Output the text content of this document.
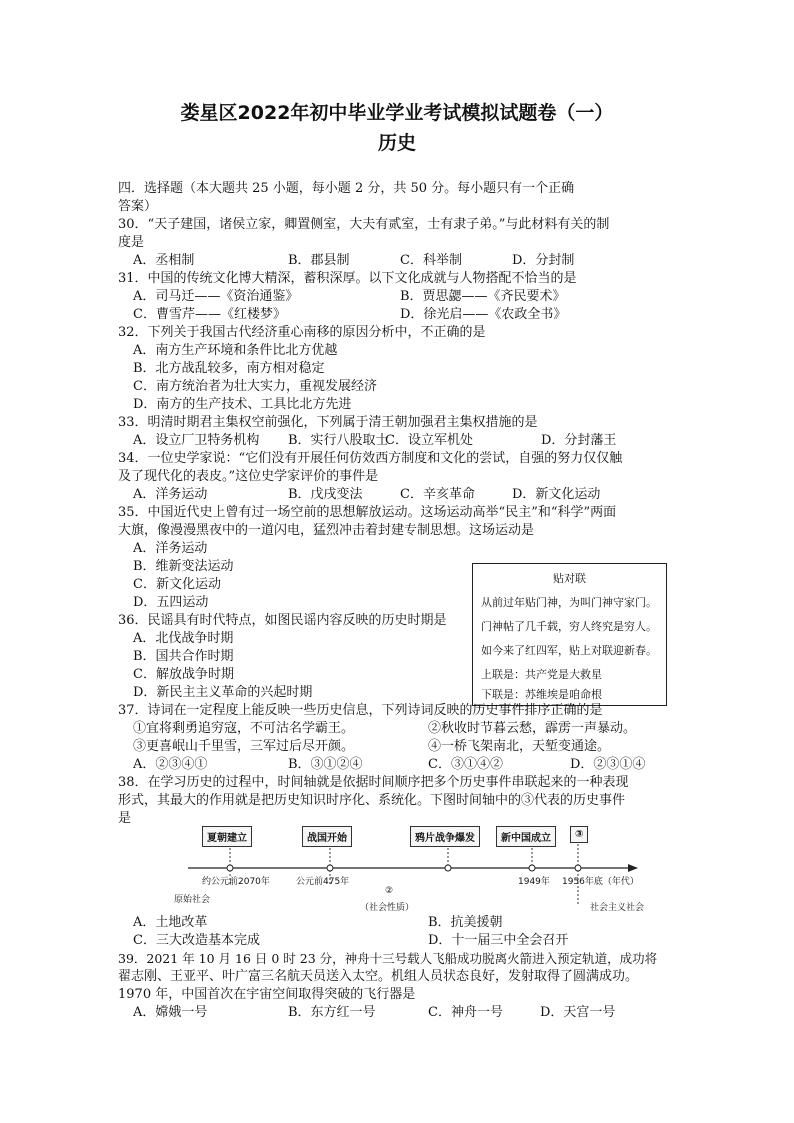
娄星区2022年初中毕业学业考试模拟试题卷（一）
历史
四．选择题（本大题共 25 小题，每小题 2 分，共 50 分。每小题只有一个正确
答案）
30．“天子建国，诸侯立家，卿置侧室，大夫有贰室，士有隶子弟。”与此材料有关的制
度是
A．丞相制	B．郡县制	C．科举制	D．分封制
31．中国的传统文化博大精深，蓄积深厚。以下文化成就与人物搭配不恰当的是
A．司马迁——《资治通鉴》	B．贾思勰——《齐民要术》
C．曹雪芹——《红楼梦》	D．徐光启——《农政全书》
32．下列关于我国古代经济重心南移的原因分析中，不正确的是
A．南方生产环境和条件比北方优越
B．北方战乱较多，南方相对稳定
C．南方统治者为壮大实力，重视发展经济
D．南方的生产技术、工具比北方先进
33．明清时期君主集权空前强化，下列属于清王朝加强君主集权措施的是
A．设立厂卫特务机构 B．实行八股取士
C．设立军机处	D．分封藩王
34．一位史学家说：“它们没有开展任何仿效西方制度和文化的尝试，自强的努力仅仅触
及了现代化的表皮。”这位史学家评价的事件是
A．洋务运动	B．戊戌变法	C．辛亥革命	D．新文化运动
35．中国近代史上曾有过一场空前的思想解放运动。这场运动高举“民主”和“科学”两面
大旗，像漫漫黑夜中的一道闪电，猛烈冲击着封建专制思想。这场运动是
A．洋务运动
B．维新变法运动
C．新文化运动
D．五四运动
贴对联
从前过年贴门神，为叫门神守家门。
门神帖了几千载，穷人终究是穷人。
如今来了红四军，贴上对联迎新春。
上联是：共产党是大救星
下联是：苏维埃是咱命根
36．民谣具有时代特点，如图民谣内容反映的历史时期是
A．北伐战争时期
B．国共合作时期
C．解放战争时期
D．新民主主义革命的兴起时期
37．诗词在一定程度上能反映一些历史信息，下列诗词反映的历史事件排序正确的是
①宜将剩勇追穷寇，不可沽名学霸王。	②秋收时节暮云愁，霹雳一声暴动。
③更喜岷山千里雪，三军过后尽开颜。	④一桥飞架南北，天堑变通途。
A．②③④①	B．③①②④	C．③①④②	D．②③①④
38．在学习历史的过程中，时间轴就是依据时间顺序把多个历史事件串联起来的一种表现
形式，其最大的作用就是把历史知识时序化、系统化。下图时间轴中的③代表的历史事件
是
夏朝建立	战国开始	鸦片战争爆发	新中国成立	③
约公元前2070年	公元前475年	1949年 1956年底（年代）
原始社会
②
（社会性质）	社会主义社会
A．土地改革	B．抗美援朝
C．三大改造基本完成	D．十一届三中全会召开
39．2021 年 10 月 16 日 0 时 23 分，神舟十三号载人飞船成功脱离火箭进入预定轨道，成功将
翟志刚、王亚平、叶广富三名航天员送入太空。机组人员状态良好，发射取得了圆满成功。
1970 年，中国首次在宇宙空间取得突破的飞行器是
A．嫦娥一号	B．东方红一号	C．神舟一号	D．天宫一号
